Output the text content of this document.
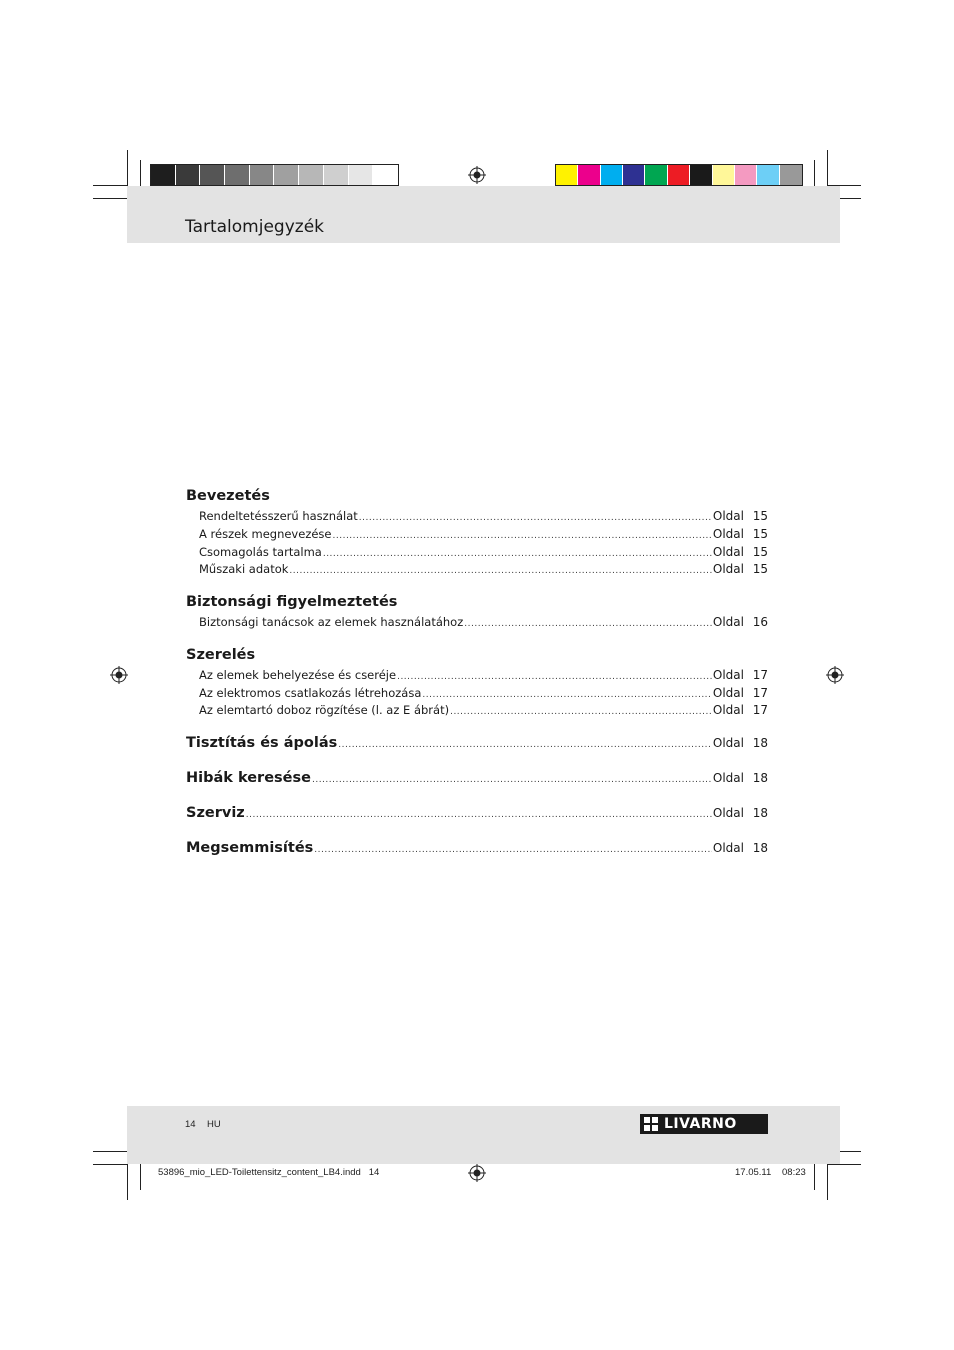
Tartalomjegyzék
Bevezetés
Rendeltetésszerű használat .....	Oldal 15
A részek megnevezése .....	Oldal 15
Csomagolás tartalma .....	Oldal 15
Műszaki adatok .....	Oldal 15
Biztonsági figyelmeztetés
Biztonsági tanácsok az elemek használatához .....	Oldal 16
Szerelés
Az elemek behelyezése és cseréje .....	Oldal 17
Az elektromos csatlakozás létrehozása .....	Oldal 17
Az elemtartó doboz rögzítése (l. az E ábrát) .....	Oldal 17
Tisztítás és ápolás .....	Oldal 18
Hibák keresése .....	Oldal 18
Szerviz .....	Oldal 18
Megsemmisítés .....	Oldal 18
14 HU	LIVARNO
53896_mio_LED-Toilettensitz_content_LB4.indd   14	17.05.11 08:23
